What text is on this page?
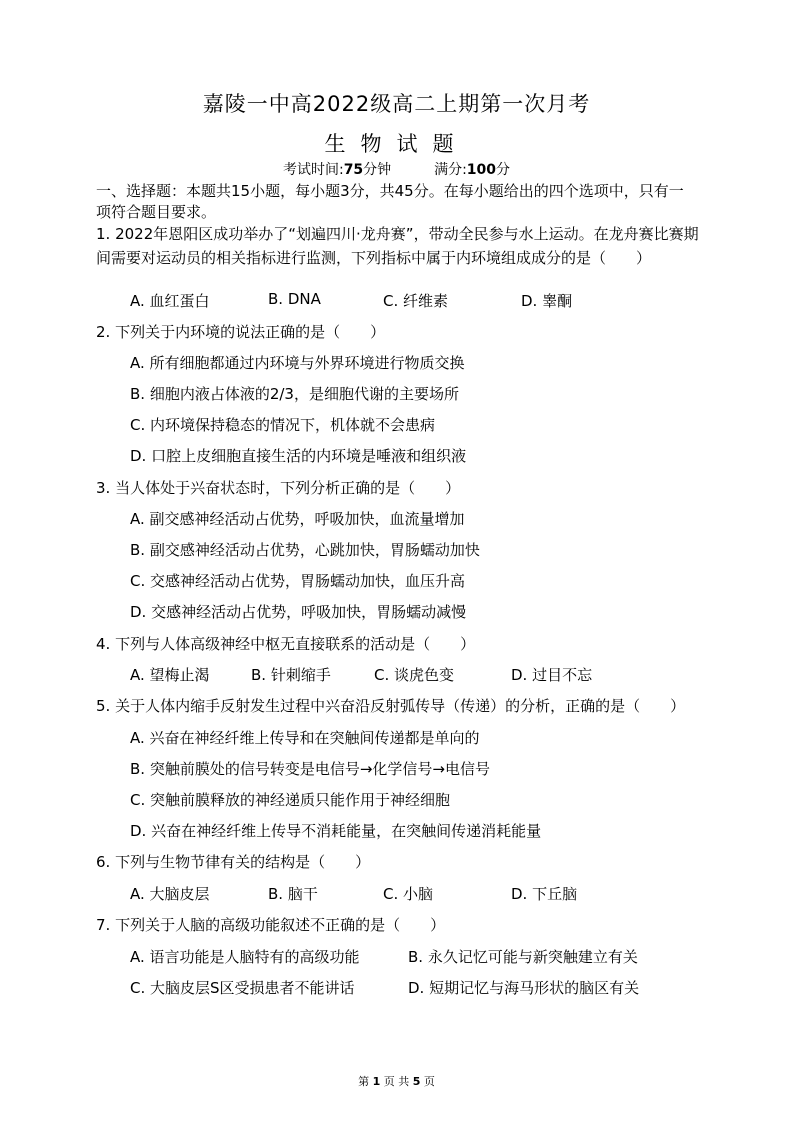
嘉陵一中高2022级高二上期第一次月考
生物试题
考试时间:75分钟	满分:100分
一、选择题：本题共15小题，每小题3分，共45分。在每小题给出的四个选项中，只有一项符合题目要求。
1. 2022年恩阳区成功举办了“划遍四川·龙舟赛”，带动全民参与水上运动。在龙舟赛比赛期间需要对运动员的相关指标进行监测，下列指标中属于内环境组成成分的是（　　）
A. 血红蛋白	B. DNA	C. 纤维素	D. 睾酮
2. 下列关于内环境的说法正确的是（　　）
A. 所有细胞都通过内环境与外界环境进行物质交换
B. 细胞内液占体液的2/3，是细胞代谢的主要场所
C. 内环境保持稳态的情况下，机体就不会患病
D. 口腔上皮细胞直接生活的内环境是唾液和组织液
3. 当人体处于兴奋状态时，下列分析正确的是（　　）
A. 副交感神经活动占优势，呼吸加快，血流量增加
B. 副交感神经活动占优势，心跳加快，胃肠蠕动加快
C. 交感神经活动占优势，胃肠蠕动加快，血压升高
D. 交感神经活动占优势，呼吸加快，胃肠蠕动减慢
4. 下列与人体高级神经中枢无直接联系的活动是（　　）
A. 望梅止渴	B. 针刺缩手	C. 谈虎色变	D. 过目不忘
5. 关于人体内缩手反射发生过程中兴奋沿反射弧传导（传递）的分析，正确的是（　　）
A. 兴奋在神经纤维上传导和在突触间传递都是单向的
B. 突触前膜处的信号转变是电信号→化学信号→电信号
C. 突触前膜释放的神经递质只能作用于神经细胞
D. 兴奋在神经纤维上传导不消耗能量，在突触间传递消耗能量
6. 下列与生物节律有关的结构是（　　）
A. 大脑皮层	B. 脑干	C. 小脑	D. 下丘脑
7. 下列关于人脑的高级功能叙述不正确的是（　　）
A. 语言功能是人脑特有的高级功能	B. 永久记忆可能与新突触建立有关
C. 大脑皮层S区受损患者不能讲话	D. 短期记忆与海马形状的脑区有关
第 1 页 共 5 页
